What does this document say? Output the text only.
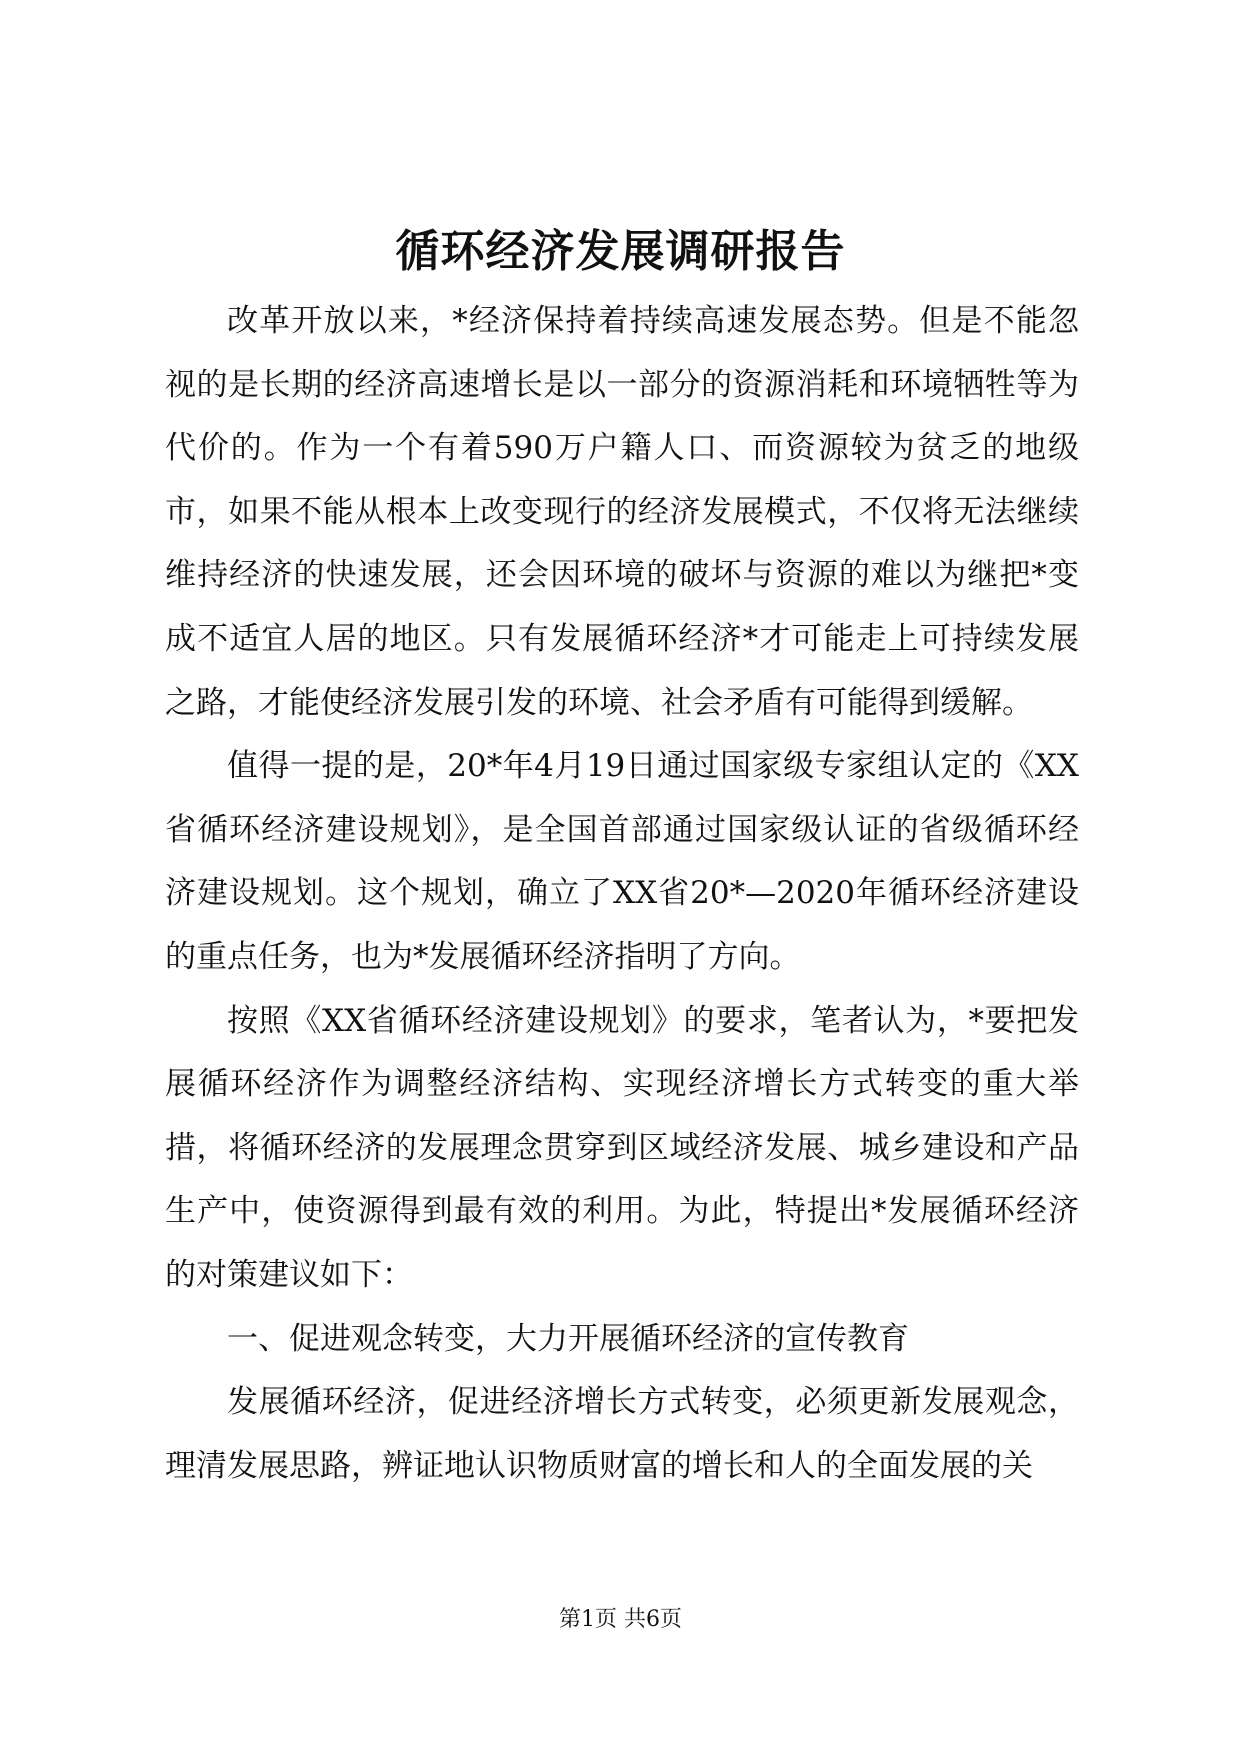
循环经济发展调研报告

改革开放以来，*经济保持着持续高速发展态势。但是不能忽视的是长期的经济高速增长是以一部分的资源消耗和环境牺牲等为代价的。作为一个有着590万户籍人口、而资源较为贫乏的地级市，如果不能从根本上改变现行的经济发展模式，不仅将无法继续维持经济的快速发展，还会因环境的破坏与资源的难以为继把*变成不适宜人居的地区。只有发展循环经济*才可能走上可持续发展之路，才能使经济发展引发的环境、社会矛盾有可能得到缓解。

值得一提的是，20*年4月19日通过国家级专家组认定的《XX省循环经济建设规划》，是全国首部通过国家级认证的省级循环经济建设规划。这个规划，确立了XX省20*—2020年循环经济建设的重点任务，也为*发展循环经济指明了方向。

按照《XX省循环经济建设规划》的要求，笔者认为，*要把发展循环经济作为调整经济结构、实现经济增长方式转变的重大举措，将循环经济的发展理念贯穿到区域经济发展、城乡建设和产品生产中，使资源得到最有效的利用。为此，特提出*发展循环经济的对策建议如下：

一、促进观念转变，大力开展循环经济的宣传教育

发展循环经济，促进经济增长方式转变，必须更新发展观念，理清发展思路，辨证地认识物质财富的增长和人的全面发展的关

第1页 共6页
